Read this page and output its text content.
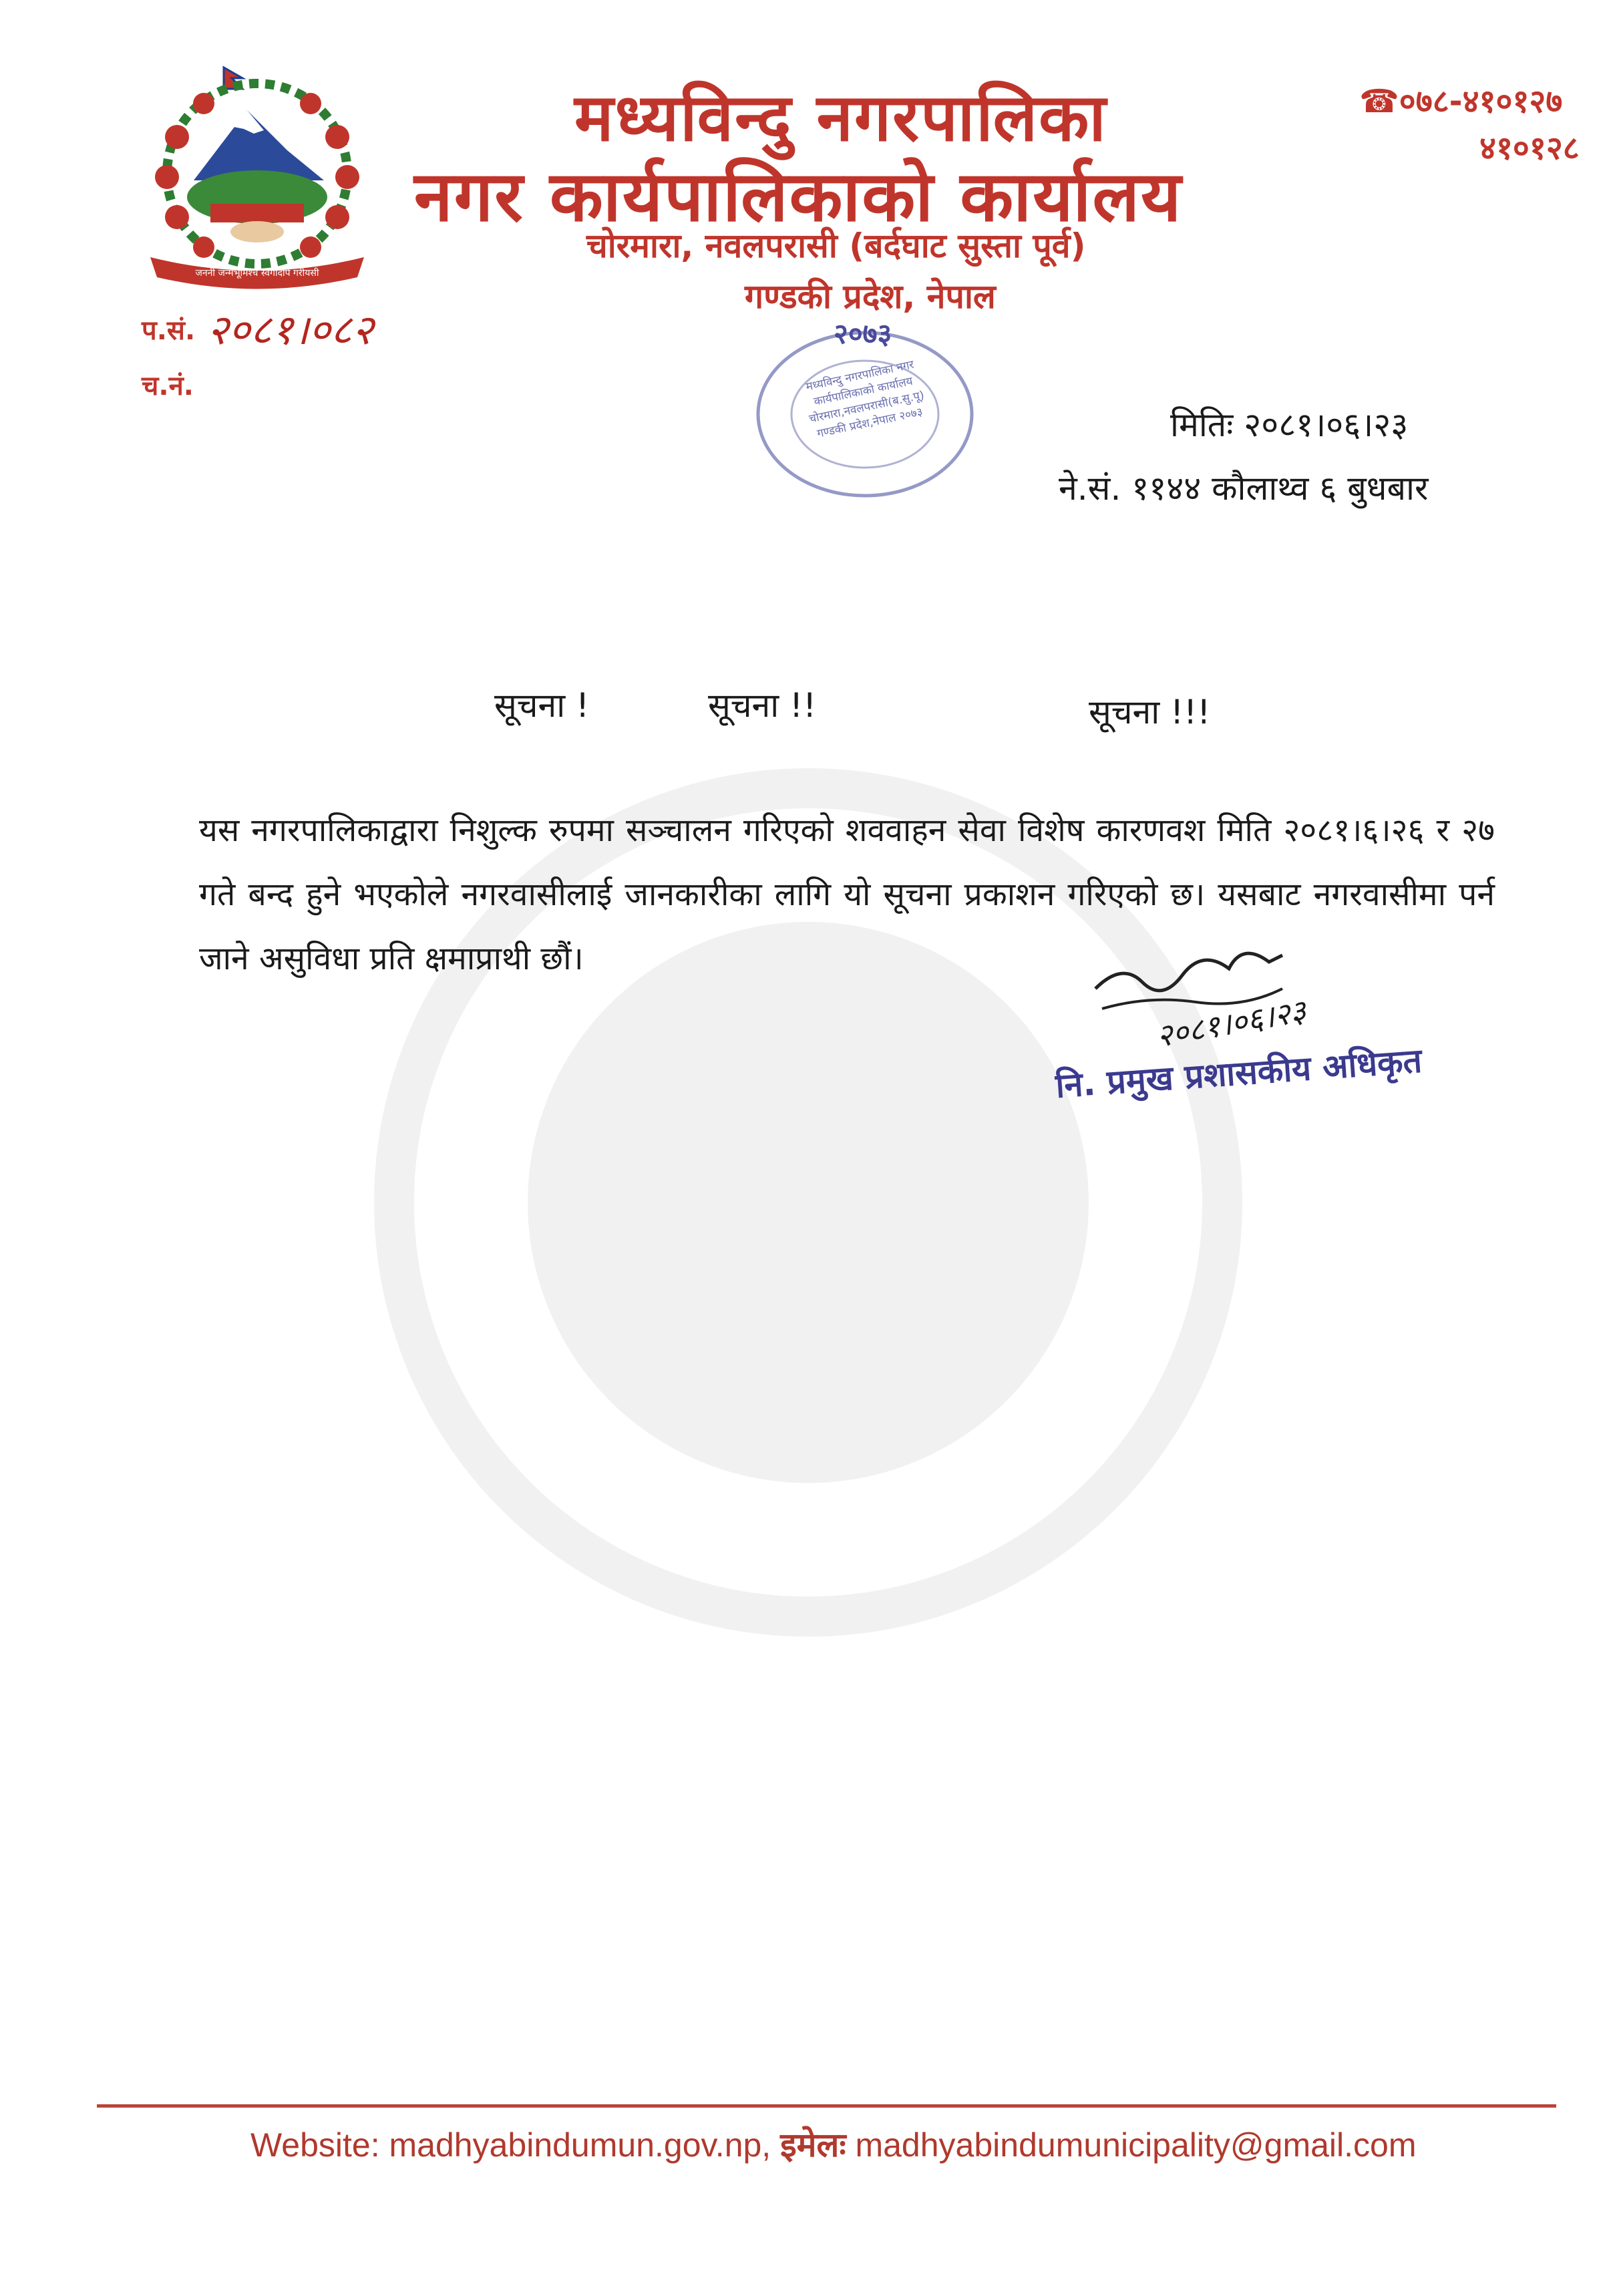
जननी जन्मभूमिश्च स्वर्गादपि गरीयसी
मध्यविन्दु नगरपालिका
नगर कार्यपालिकाको कार्यालय
चोरमारा, नवलपरासी (बर्दघाट सुस्ता पूर्व)
गण्डकी प्रदेश, नेपाल
☎०७८-४१०१२७
४१०१२८
प.सं. २०८१।०८२
च.नं.
२०७३
मध्यविन्दु नगरपालिका नगर कार्यपालिकाको कार्यालय चोरमारा,नवलपरासी(ब.सु.पू) गण्डकी प्रदेश,नेपाल २०७३	मितिः २०८१।०६।२३
ने.सं. ११४४ कौलाथ्व ६ बुधबार
सूचना !	सूचना !!	सूचना !!!
यस नगरपालिकाद्वारा निशुल्क रुपमा सञ्चालन गरिएको शववाहन सेवा विशेष कारणवश मिति २०८१।६।२६ र २७ गते बन्द हुने भएकोले नगरवासीलाई जानकारीका लागि यो सूचना प्रकाशन गरिएको छ। यसबाट नगरवासीमा पर्न जाने असुविधा प्रति क्षमाप्राथी छौं।
२०८१।०६।२३
नि. प्रमुख प्रशासकीय अधिकृत
Website: madhyabindumun.gov.np, इमेलः madhyabindumunicipality@gmail.com
